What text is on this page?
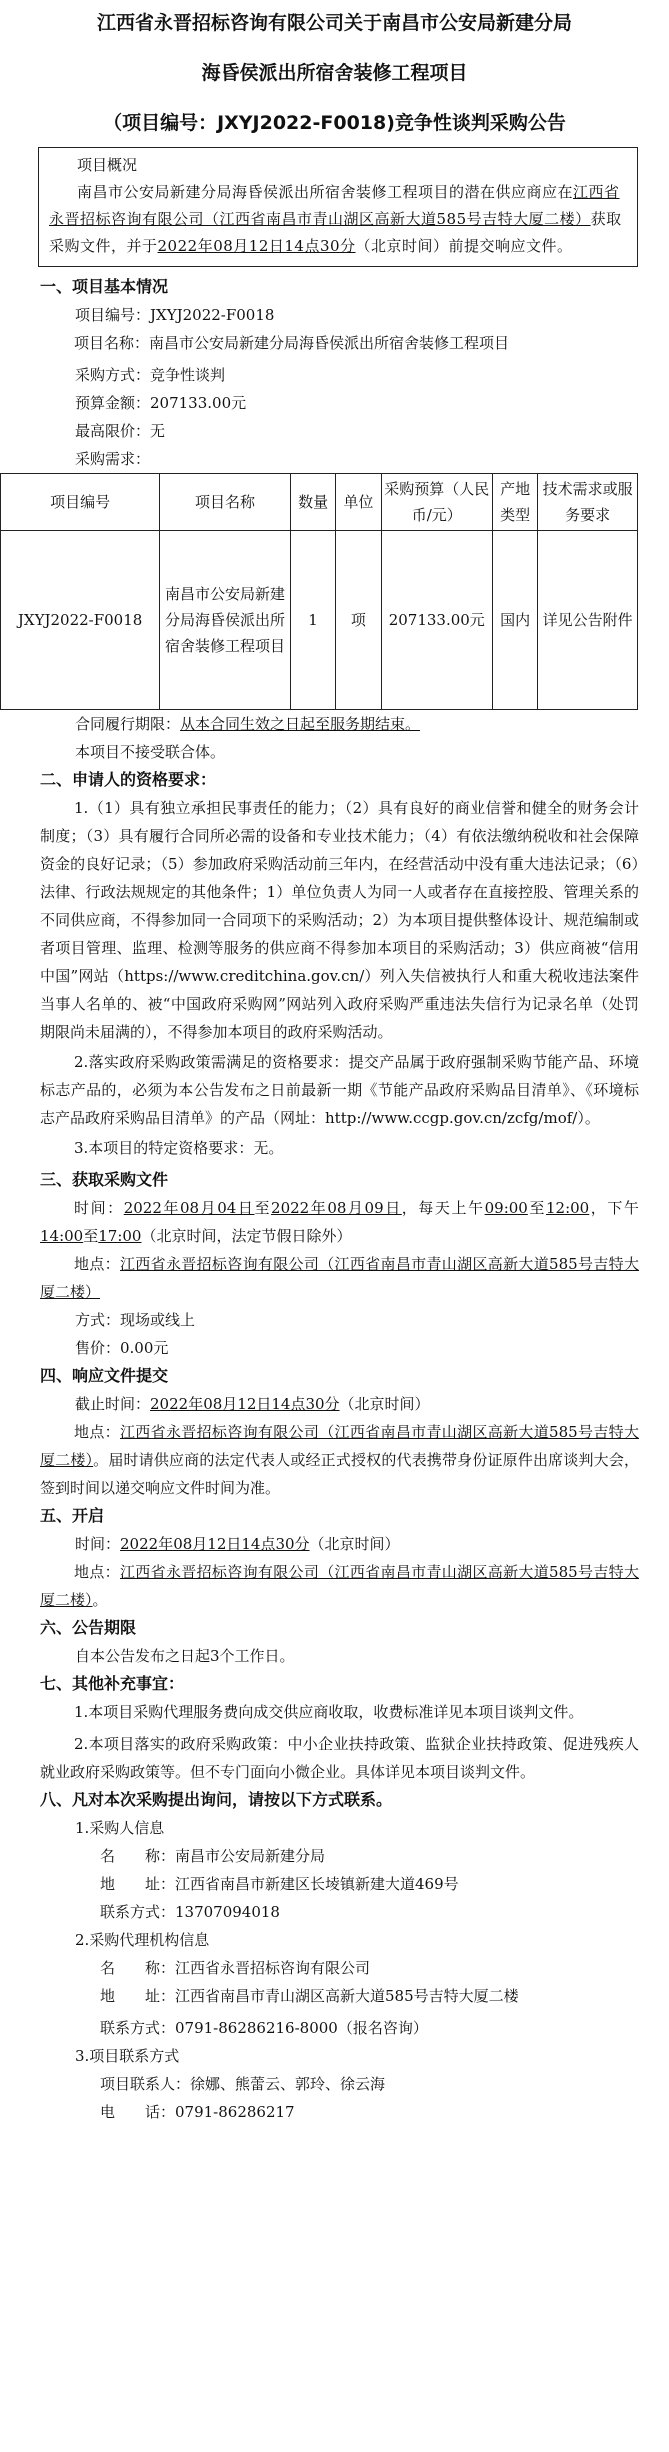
江西省永晋招标咨询有限公司关于南昌市公安局新建分局
海昏侯派出所宿舍装修工程项目
（项目编号：JXYJ2022-F0018)竞争性谈判采购公告
项目概况
南昌市公安局新建分局海昏侯派出所宿舍装修工程项目的潜在供应商应在江西省永晋招标咨询有限公司（江西省南昌市青山湖区高新大道585号吉特大厦二楼）获取采购文件，并于2022年08月12日14点30分（北京时间）前提交响应文件。
一、项目基本情况
项目编号：JXYJ2022-F0018
项目名称：南昌市公安局新建分局海昏侯派出所宿舍装修工程项目
采购方式：竞争性谈判
预算金额：207133.00元
最高限价：无
采购需求：
项目编号	项目名称	数量	单位	采购预算（人民币/元）	产地类型	技术需求或服务要求
JXYJ2022-F0018	南昌市公安局新建分局海昏侯派出所宿舍装修工程项目	1	项	207133.00元	国内	详见公告附件
合同履行期限：从本合同生效之日起至服务期结束。
本项目不接受联合体。
二、申请人的资格要求：
1.（1）具有独立承担民事责任的能力；（2）具有良好的商业信誉和健全的财务会计制度；（3）具有履行合同所必需的设备和专业技术能力；（4）有依法缴纳税收和社会保障资金的良好记录；（5）参加政府采购活动前三年内，在经营活动中没有重大违法记录；（6）法律、行政法规规定的其他条件；1）单位负责人为同一人或者存在直接控股、管理关系的不同供应商，不得参加同一合同项下的采购活动；2）为本项目提供整体设计、规范编制或者项目管理、监理、检测等服务的供应商不得参加本项目的采购活动；3）供应商被“信用中国”网站（https://www.creditchina.gov.cn/）列入失信被执行人和重大税收违法案件当事人名单的、被“中国政府采购网”网站列入政府采购严重违法失信行为记录名单（处罚期限尚未届满的），不得参加本项目的政府采购活动。
2.落实政府采购政策需满足的资格要求：提交产品属于政府强制采购节能产品、环境标志产品的，必须为本公告发布之日前最新一期《节能产品政府采购品目清单》、《环境标志产品政府采购品目清单》的产品（网址：http://www.ccgp.gov.cn/zcfg/mof/）。
3.本项目的特定资格要求：无。
三、获取采购文件
时间：2022年08月04日至2022年08月09日，每天上午09:00至12:00，下午14:00至17:00（北京时间，法定节假日除外）
地点：江西省永晋招标咨询有限公司（江西省南昌市青山湖区高新大道585号吉特大厦二楼）
方式：现场或线上
售价：0.00元
四、响应文件提交
截止时间：2022年08月12日14点30分（北京时间）
地点：江西省永晋招标咨询有限公司（江西省南昌市青山湖区高新大道585号吉特大厦二楼）。届时请供应商的法定代表人或经正式授权的代表携带身份证原件出席谈判大会，签到时间以递交响应文件时间为准。
五、开启
时间：2022年08月12日14点30分（北京时间）
地点：江西省永晋招标咨询有限公司（江西省南昌市青山湖区高新大道585号吉特大厦二楼）。
六、公告期限
自本公告发布之日起3个工作日。
七、其他补充事宜：
1.本项目采购代理服务费向成交供应商收取，收费标准详见本项目谈判文件。
2.本项目落实的政府采购政策：中小企业扶持政策、监狱企业扶持政策、促进残疾人就业政府采购政策等。但不专门面向小微企业。具体详见本项目谈判文件。
八、凡对本次采购提出询问，请按以下方式联系。
1.采购人信息
名　　称：南昌市公安局新建分局
地　　址：江西省南昌市新建区长堎镇新建大道469号
联系方式：13707094018
2.采购代理机构信息
名　　称：江西省永晋招标咨询有限公司
地　　址：江西省南昌市青山湖区高新大道585号吉特大厦二楼
联系方式：0791-86286216-8000（报名咨询）
3.项目联系方式
项目联系人：徐娜、熊蕾云、郭玲、徐云海
电　　话：0791-86286217
